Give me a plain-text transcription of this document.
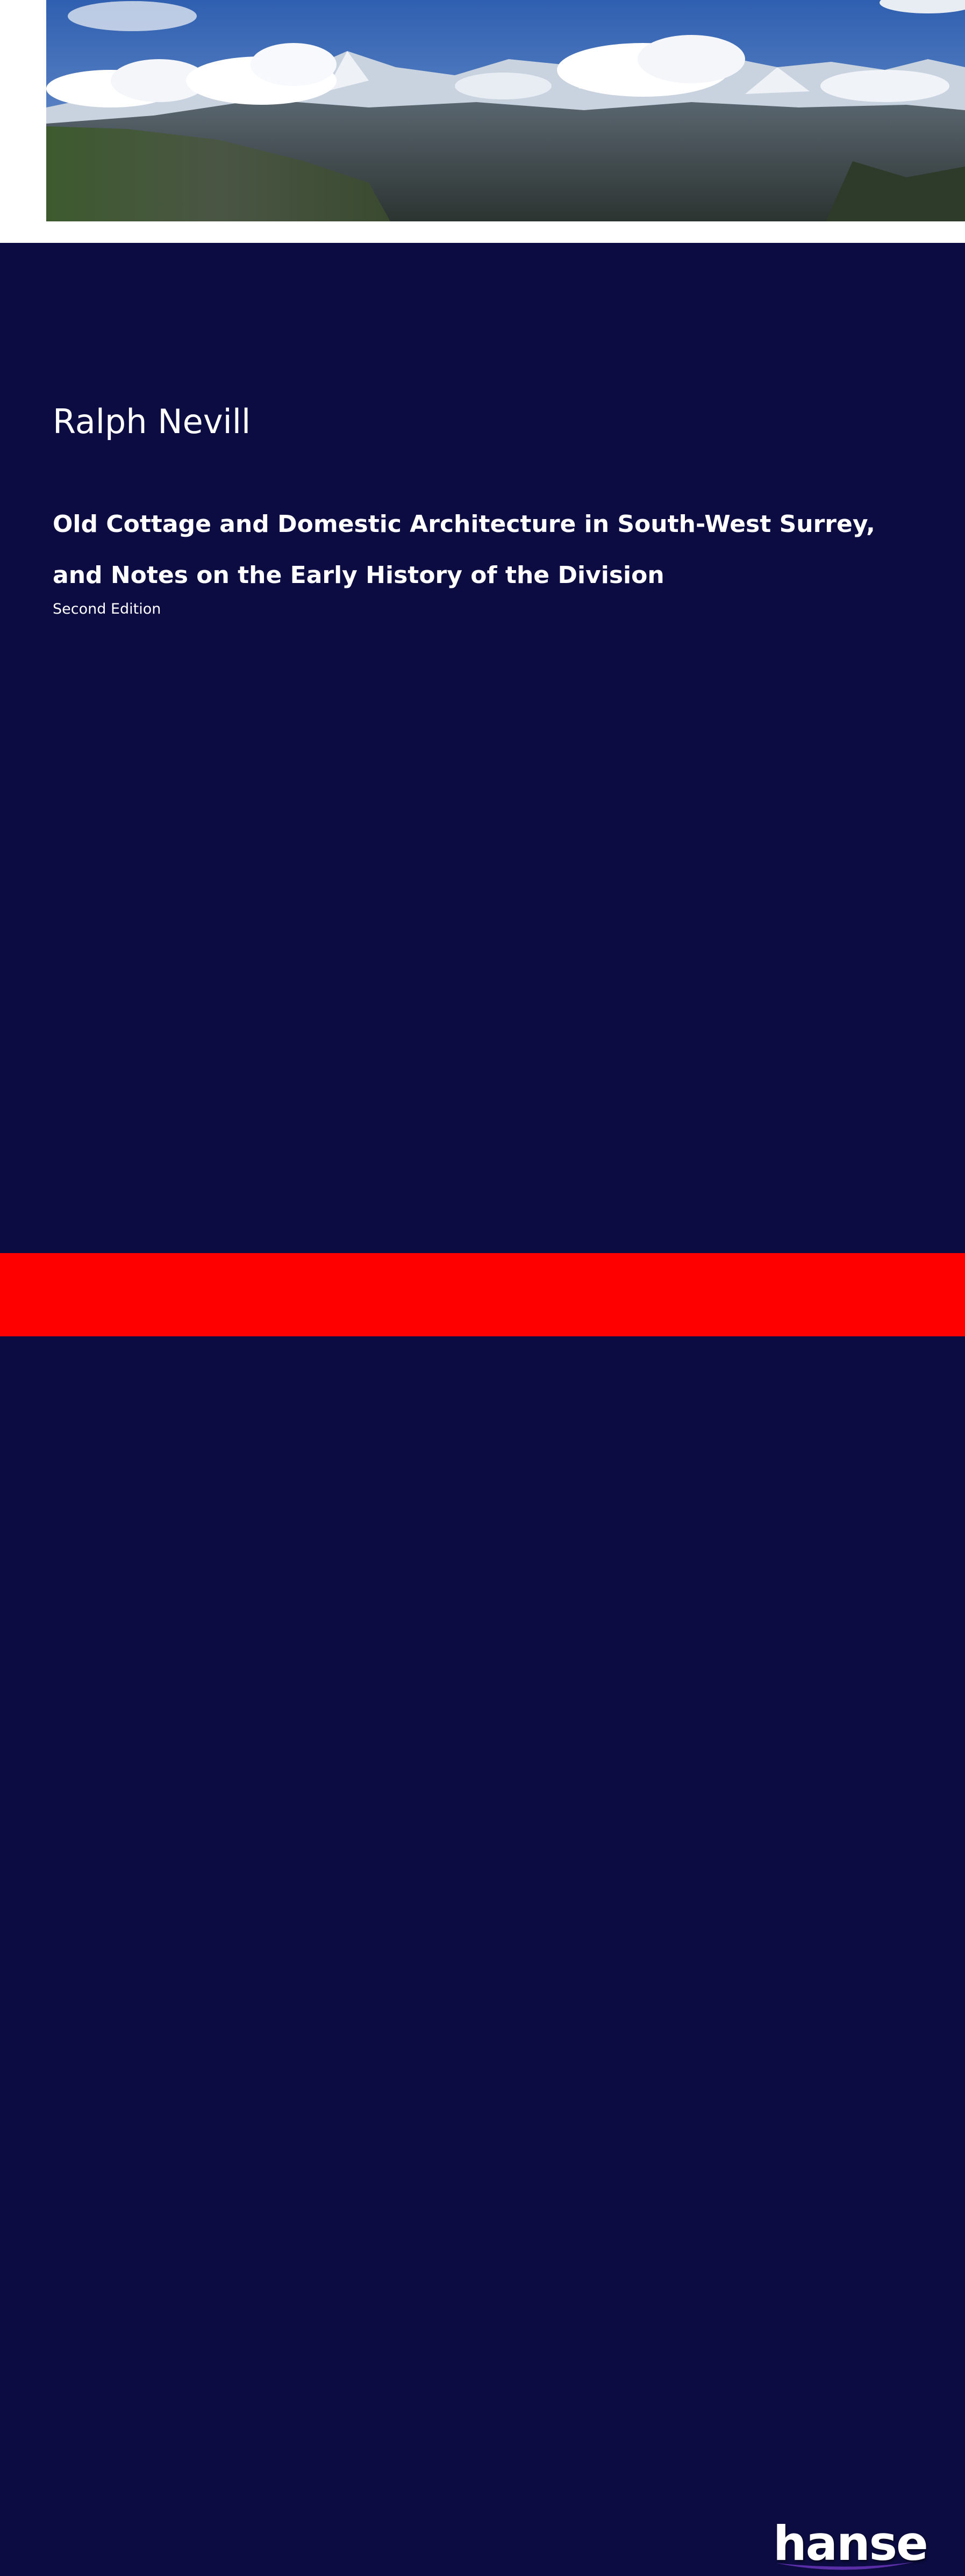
Ralph Nevill
Old Cottage and Domestic Architecture in South-West Surrey, and Notes on the Early History of the Division
Second Edition
hanse
